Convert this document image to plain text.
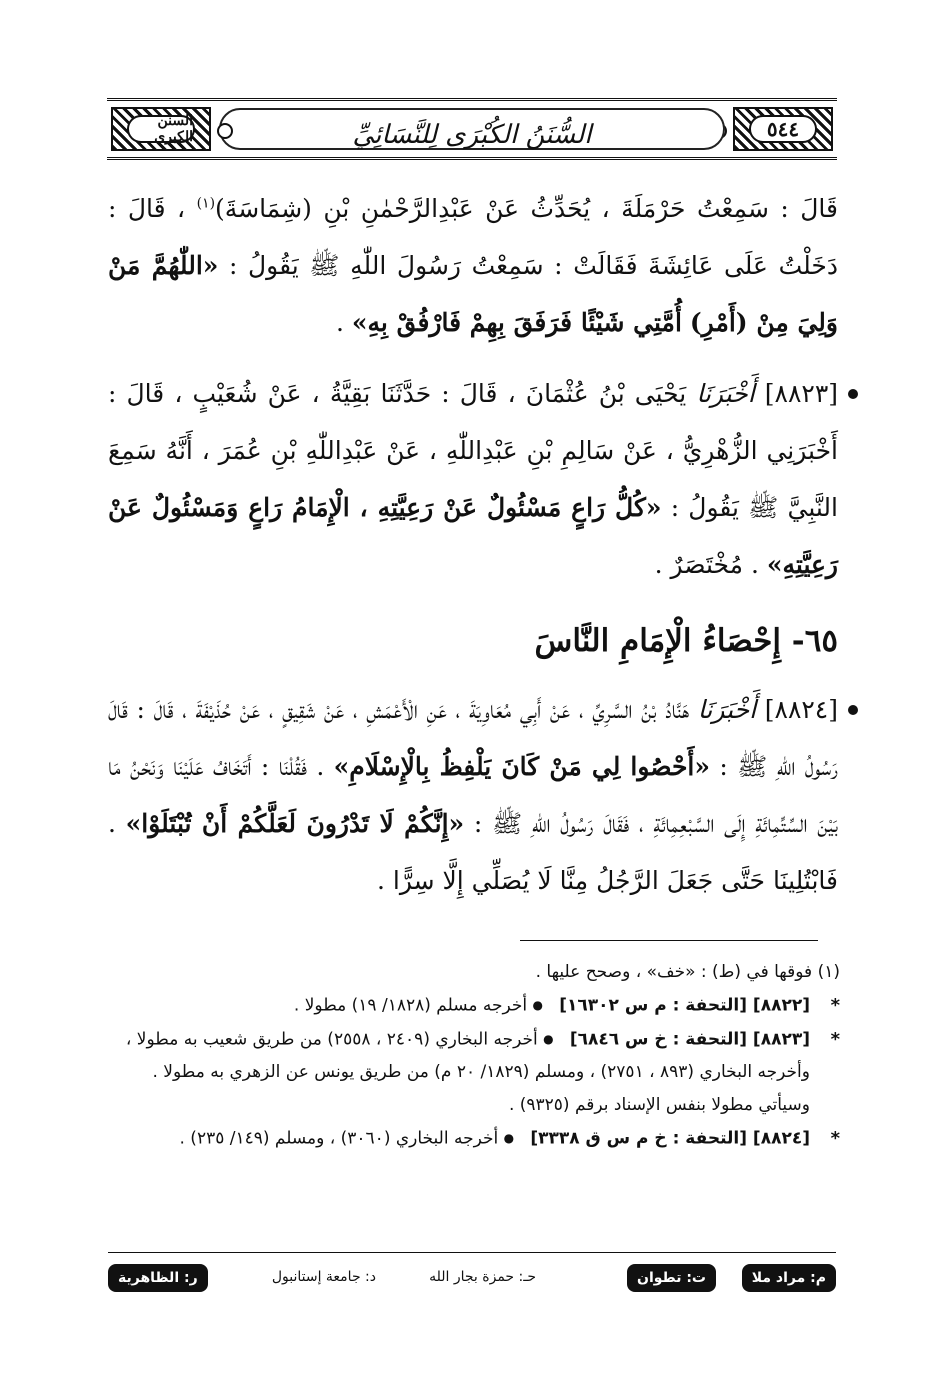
٥٤٤
السُّنَنُ الكُبْرَى لِلنَّسَائِيِّ
السنن الكبرى
قَالَ : سَمِعْتُ حَرْمَلَةَ ، يُحَدِّثُ عَنْ عَبْدِالرَّحْمٰنِ بْنِ (شِمَاسَةَ)$^{(١)}$ ، قَالَ : دَخَلْتُ عَلَى عَائِشَةَ فَقَالَتْ : سَمِعْتُ رَسُولَ اللّٰهِ ﷺ يَقُولُ : «اللّٰهُمَّ مَنْ وَلِيَ مِنْ (أَمْرِ) أُمَّتِي شَيْئًا فَرَفَقَ بِهِمْ فَارْفُقْ بِهِ» .
[٨٨٢٣] أَخْبَرَنَا يَحْيَى بْنُ عُثْمَانَ ، قَالَ : حَدَّثَنَا بَقِيَّةُ ، عَنْ شُعَيْبٍ ، قَالَ : أَخْبَرَنِي الزُّهْرِيُّ ، عَنْ سَالِمِ بْنِ عَبْدِاللّٰهِ ، عَنْ عَبْدِاللّٰهِ بْنِ عُمَرَ ، أَنَّهُ سَمِعَ النَّبِيَّ ﷺ يَقُولُ : «كُلُّ رَاعٍ مَسْئُولٌ عَنْ رَعِيَّتِهِ ، الْإِمَامُ رَاعٍ وَمَسْئُولٌ عَنْ رَعِيَّتِهِ» . مُخْتَصَرٌ .
٦٥- إِحْصَاءُ الْإِمَامِ النَّاسَ
[٨٨٢٤] أَخْبَرَنَا هَنَّادُ بْنُ السَّرِيِّ ، عَنْ أَبِي مُعَاوِيَةَ ، عَنِ الْأَعْمَشِ ، عَنْ شَقِيقٍ ، عَنْ حُذَيْفَةَ ، قَالَ : قَالَ رَسُولُ اللّٰهِ ﷺ : «أَحْصُوا لِي مَنْ كَانَ يَلْفِظُ بِالْإِسْلَامِ» . فَقُلْنَا : أَتَخَافُ عَلَيْنَا وَنَحْنُ مَا بَيْنَ السِّتِّمِائَةِ إِلَى السَّبْعِمِائَةِ ، فَقَالَ رَسُولُ اللّٰهِ ﷺ : «إِنَّكُمْ لَا تَدْرُونَ لَعَلَّكُمْ أَنْ تُبْتَلَوْا» . فَابْتُلِينَا حَتَّى جَعَلَ الرَّجُلُ مِنَّا لَا يُصَلِّي إِلَّا سِرًّا .
(١) فوقها في (ط) : «خف» ، وصحح عليها .
*
[٨٨٢٢] [التحفة : م س ١٦٣٠٢]   ● أخرجه مسلم (١٨٢٨/ ١٩) مطولا .
*
[٨٨٢٣] [التحفة : خ س ٦٨٤٦]   ● أخرجه البخاري (٢٤٠٩ ، ٢٥٥٨) من طريق شعيب به مطولا ، وأخرجه البخاري (٨٩٣ ، ٢٧٥١) ، ومسلم (١٨٢٩/ ٢٠ م) من طريق يونس عن الزهري به مطولا .
وسيأتي مطولا بنفس الإسناد برقم (٩٣٢٥) .
*
[٨٨٢٤] [التحفة : خ م س ق ٣٣٣٨]   ● أخرجه البخاري (٣٠٦٠) ، ومسلم (١٤٩/ ٢٣٥) .
م: مراد ملا
ت: تطوان
حـ: حمزة بجار الله
د: جامعة إستانبول
ر: الظاهرية
